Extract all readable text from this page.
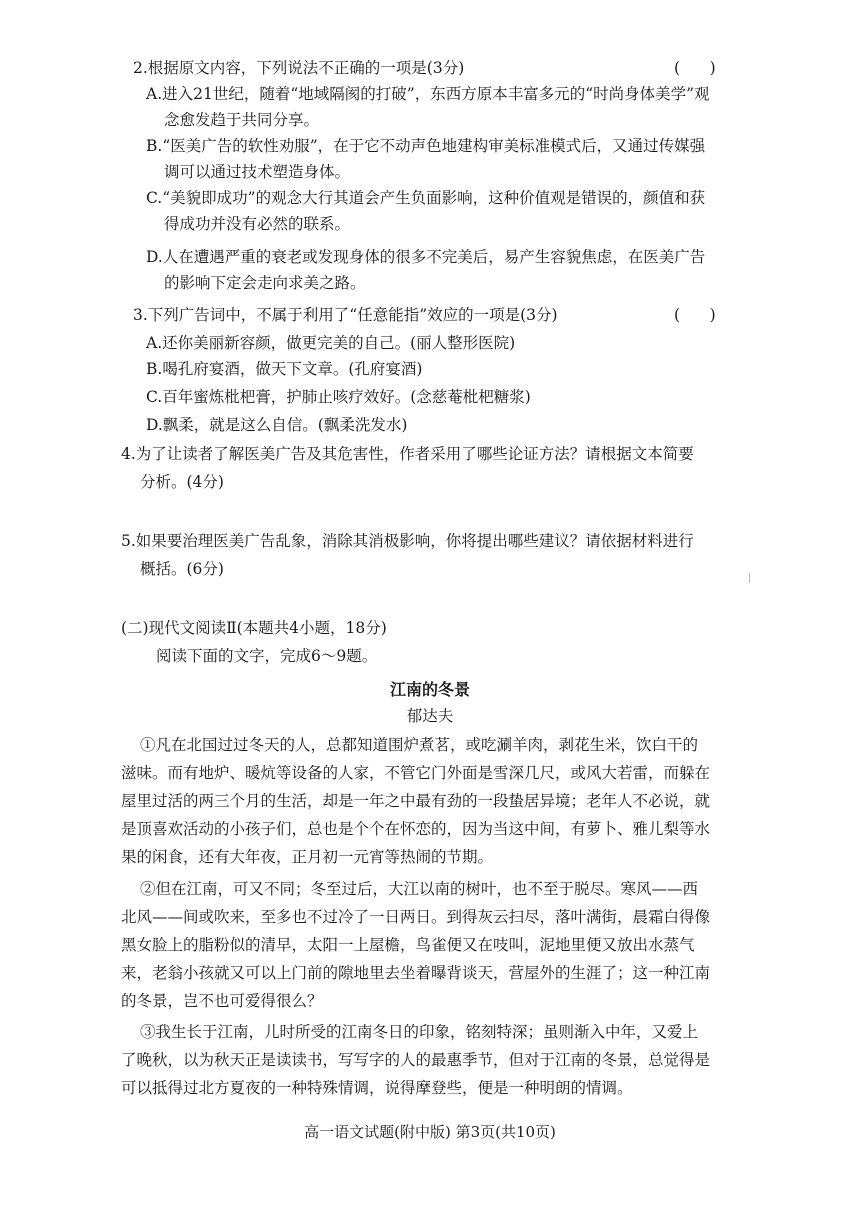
2.根据原文内容，下列说法不正确的一项是(3分)	(      )
A.进入21世纪，随着“地域隔阂的打破”，东西方原本丰富多元的“时尚身体美学”观
念愈发趋于共同分享。
B.“医美广告的软性劝服”，在于它不动声色地建构审美标准模式后，又通过传媒强
调可以通过技术塑造身体。
C.“美貌即成功”的观念大行其道会产生负面影响，这种价值观是错误的，颜值和获
得成功并没有必然的联系。
D.人在遭遇严重的衰老或发现身体的很多不完美后，易产生容貌焦虑，在医美广告
的影响下定会走向求美之路。
3.下列广告词中，不属于利用了“任意能指”效应的一项是(3分)	(      )
A.还你美丽新容颜，做更完美的自己。(丽人整形医院)
B.喝孔府宴酒，做天下文章。(孔府宴酒)
C.百年蜜炼枇杷膏，护肺止咳疗效好。(念慈菴枇杷糖浆)
D.飘柔，就是这么自信。(飘柔洗发水)
4.为了让读者了解医美广告及其危害性，作者采用了哪些论证方法？请根据文本简要
分析。(4分)
5.如果要治理医美广告乱象，消除其消极影响，你将提出哪些建议？请依据材料进行
概括。(6分)
(二)现代文阅读Ⅱ(本题共4小题，18分)
阅读下面的文字，完成6～9题。
江南的冬景
郁达夫
①凡在北国过过冬天的人，总都知道围炉煮茗，或吃涮羊肉，剥花生米，饮白干的
滋味。而有地炉、暖炕等设备的人家，不管它门外面是雪深几尺，或风大若雷，而躲在
屋里过活的两三个月的生活，却是一年之中最有劲的一段蛰居异境；老年人不必说，就
是顶喜欢活动的小孩子们，总也是个个在怀恋的，因为当这中间，有萝卜、雅儿梨等水
果的闲食，还有大年夜，正月初一元宵等热闹的节期。
②但在江南，可又不同；冬至过后，大江以南的树叶，也不至于脱尽。寒风——西
北风——间或吹来，至多也不过冷了一日两日。到得灰云扫尽，落叶满街，晨霜白得像
黑女脸上的脂粉似的清早，太阳一上屋檐，鸟雀便又在吱叫，泥地里便又放出水蒸气
来，老翁小孩就又可以上门前的隙地里去坐着曝背谈天，营屋外的生涯了；这一种江南
的冬景，岂不也可爱得很么？
③我生长于江南，儿时所受的江南冬日的印象，铭刻特深；虽则渐入中年，又爱上
了晚秋，以为秋天正是读读书，写写字的人的最惠季节，但对于江南的冬景，总觉得是
可以抵得过北方夏夜的一种特殊情调，说得摩登些，便是一种明朗的情调。
高一语文试题(附中版) 第3页(共10页)
